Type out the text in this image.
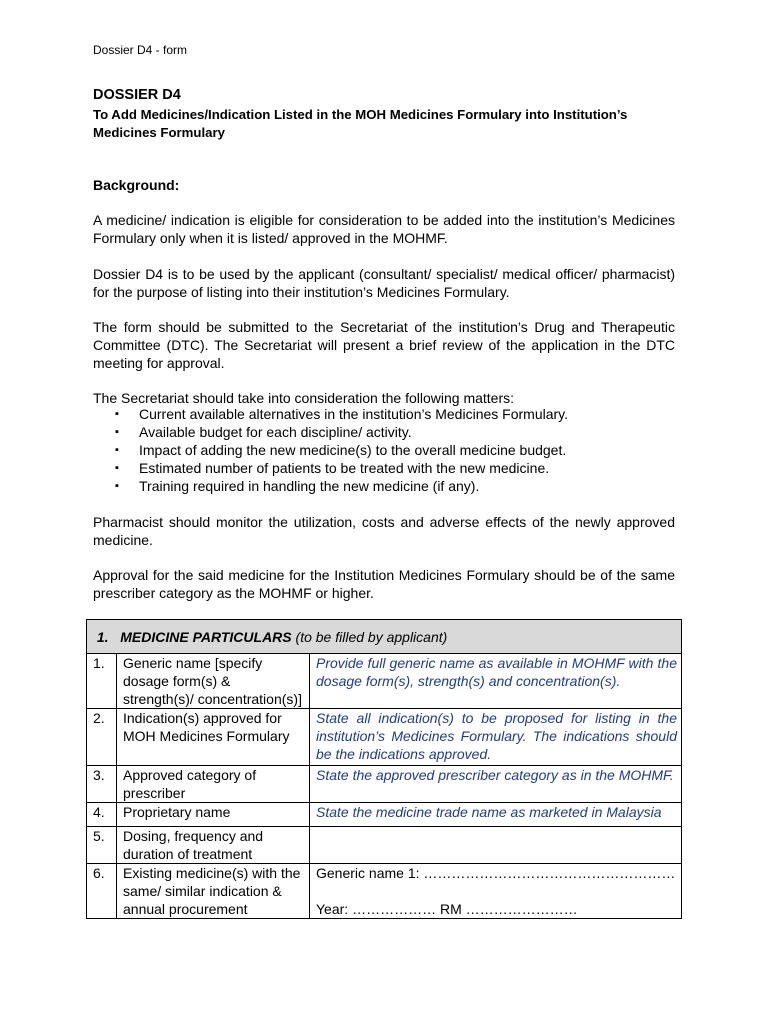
Dossier D4 - form
DOSSIER D4
To Add Medicines/Indication Listed in the MOH Medicines Formulary into Institution’s Medicines Formulary
Background:
A medicine/ indication is eligible for consideration to be added into the institution’s Medicines Formulary only when it is listed/ approved in the MOHMF.
Dossier D4 is to be used by the applicant (consultant/ specialist/ medical officer/ pharmacist) for the purpose of listing into their institution’s Medicines Formulary.
The form should be submitted to the Secretariat of the institution’s Drug and Therapeutic Committee (DTC). The Secretariat will present a brief review of the application in the DTC meeting for approval.
The Secretariat should take into consideration the following matters:
▪ Current available alternatives in the institution’s Medicines Formulary.
▪ Available budget for each discipline/ activity.
▪ Impact of adding the new medicine(s) to the overall medicine budget.
▪ Estimated number of patients to be treated with the new medicine.
▪ Training required in handling the new medicine (if any).
Pharmacist should monitor the utilization, costs and adverse effects of the newly approved medicine.
Approval for the said medicine for the Institution Medicines Formulary should be of the same prescriber category as the MOHMF or higher.
1. MEDICINE PARTICULARS (to be filled by applicant)		
1.	Generic name [specify dosage form(s) & strength(s)/ concentration(s)]	Provide full generic name as available in MOHMF with the dosage form(s), strength(s) and concentration(s).
2.	Indication(s) approved for MOH Medicines Formulary	State all indication(s) to be proposed for listing in the institution’s Medicines Formulary. The indications should be the indications approved.
3.	Approved category of prescriber	State the approved prescriber category as in the MOHMF.
4.	Proprietary name	State the medicine trade name as marketed in Malaysia
5.	Dosing, frequency and duration of treatment	
6.	Existing medicine(s) with the same/ similar indication & annual procurement	Generic name 1: ………………………………………………
Year: ……………… RM ……………………
